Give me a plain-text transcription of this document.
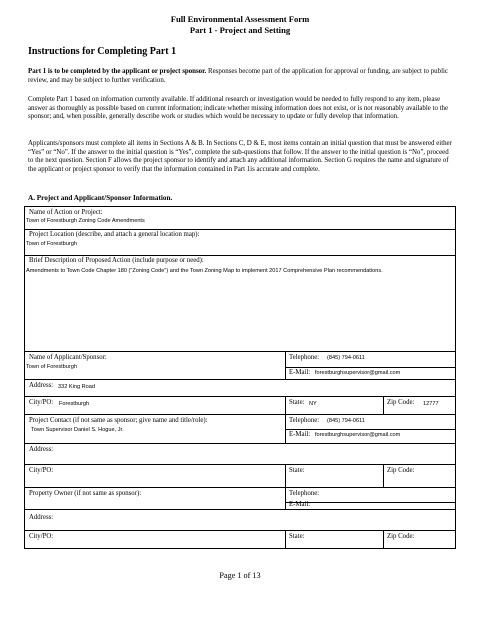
Full Environmental Assessment Form
Part 1 - Project and Setting
Instructions for Completing Part 1
Part 1 is to be completed by the applicant or project sponsor. Responses become part of the application for approval or funding, are subject to public review, and may be subject to further verification.
Complete Part 1 based on information currently available. If additional research or investigation would be needed to fully respond to any item, please answer as thoroughly as possible based on current information; indicate whether missing information does not exist, or is not reasonably available to the sponsor; and, when possible, generally describe work or studies which would be necessary to update or fully develop that information.
Applicants/sponsors must complete all items in Sections A & B. In Sections C, D & E, most items contain an initial question that must be answered either “Yes” or “No”. If the answer to the initial question is “Yes”, complete the sub-questions that follow. If the answer to the initial question is “No”, proceed to the next question. Section F allows the project sponsor to identify and attach any additional information. Section G requires the name and signature of the applicant or project sponsor to verify that the information contained in Part 1is accurate and complete.
A. Project and Applicant/Sponsor Information.
Name of Action or Project:
Town of Forestburgh Zoning Code Amendments
Project Location (describe, and attach a general location map):
Town of Forestburgh
Brief Description of Proposed Action (include purpose or need):
Amendments to Town Code Chapter 180 ("Zoning Code") and the Town Zoning Map to implement 2017 Comprehensive Plan recommendations.
Name of Applicant/Sponsor:
Town of Forestburgh
Telephone: (845) 794-0611
E-Mail: forestburghsupervisor@gmail.com
Address: 332 King Road
City/PO: Forestburgh	State: NY	Zip Code: 12777
Project Contact (if not same as sponsor; give name and title/role):
Town Supervisor Daniel S. Hogue, Jr.
Telephone: (845) 794-0611
E-Mail: forestburghsupervisor@gmail.com
Address:
City/PO:	State:	Zip Code:
Property Owner (if not same as sponsor):	Telephone:
E-Mail:
Address:
City/PO:	State:	Zip Code:
Page 1 of 13
